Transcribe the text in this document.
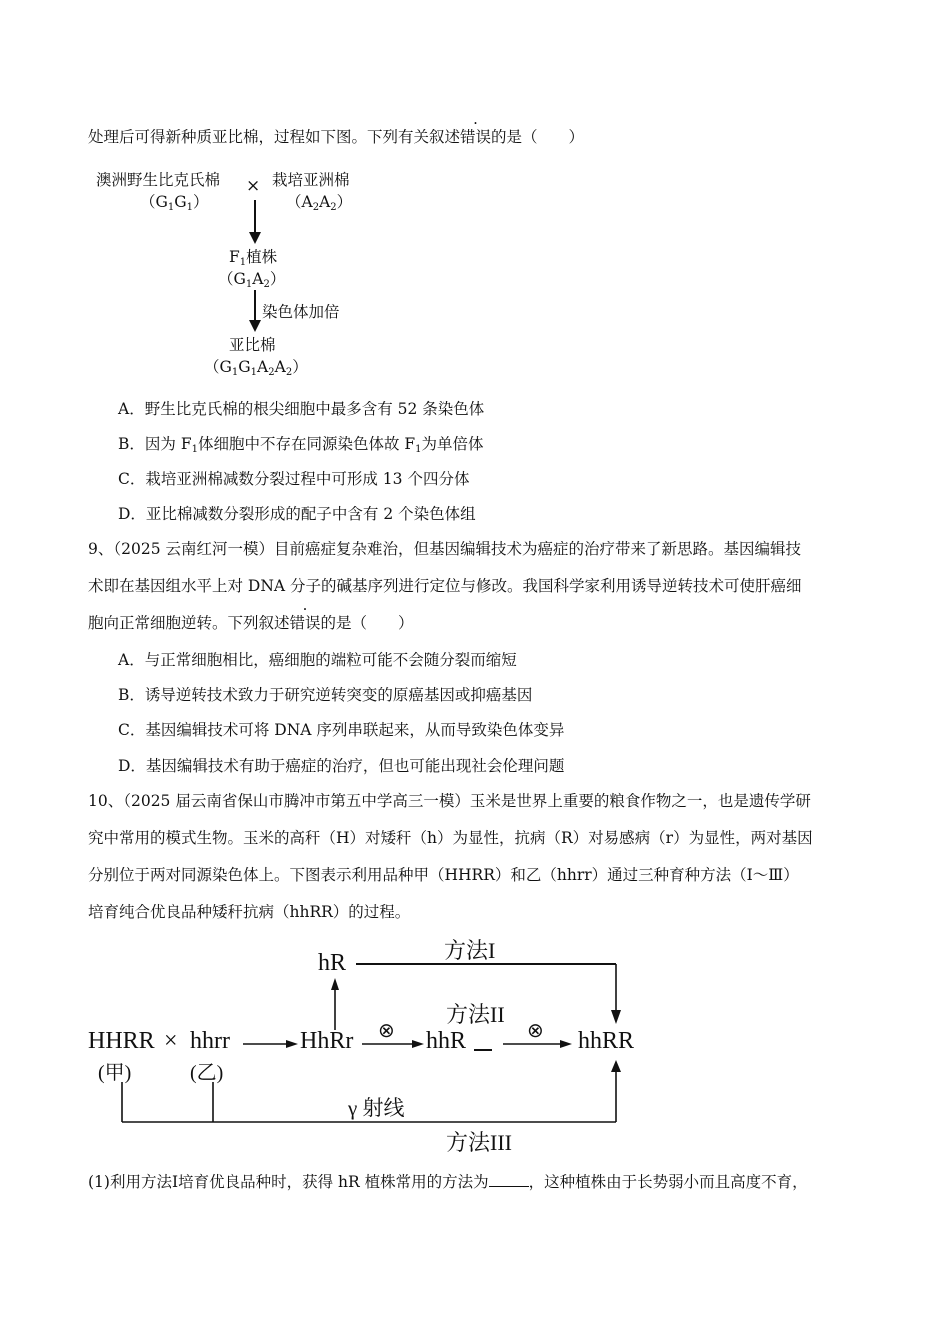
处理后可得新种质亚比棉，过程如下图。下列有关叙述错误的是（　　）
澳洲野生比克氏棉
$(G_1G_1)$
× 栽培亚洲棉
$(A_2A_2)$
$F_1$植株
$(G_1A_2)$
染色体加倍
亚比棉
$(G_1G_1A_2A_2)$
A．野生比克氏棉的根尖细胞中最多含有 52 条染色体
B．因为 $F_1$体细胞中不存在同源染色体故 $F_1$为单倍体
C．栽培亚洲棉减数分裂过程中可形成 13 个四分体
D．亚比棉减数分裂形成的配子中含有 2 个染色体组
9、（2025 云南红河一模）目前癌症复杂难治，但基因编辑技术为癌症的治疗带来了新思路。基因编辑技
术即在基因组水平上对 DNA 分子的碱基序列进行定位与修改。我国科学家利用诱导逆转技术可使肝癌细
胞向正常细胞逆转。下列叙述错误的是（　　）
A．与正常细胞相比，癌细胞的端粒可能不会随分裂而缩短
B．诱导逆转技术致力于研究逆转突变的原癌基因或抑癌基因
C．基因编辑技术可将 DNA 序列串联起来，从而导致染色体变异
D．基因编辑技术有助于癌症的治疗，但也可能出现社会伦理问题
10、（2025 届云南省保山市腾冲市第五中学高三一模）玉米是世界上重要的粮食作物之一，也是遗传学研
究中常用的模式生物。玉米的高秆（H）对矮秆（h）为显性，抗病（R）对易感病（r）为显性，两对基因
分别位于两对同源染色体上。下图表示利用品种甲（HHRR）和乙（hhrr）通过三种育种方法（Ⅰ～Ⅲ）
培育纯合优良品种矮秆抗病（hhRR）的过程。
方法I
hR
方法II
HHRR × hhrr	HhRr ⊗ hhR	⊗ hhRR
(甲)	(乙)
γ 射线
方法III
(1)利用方法Ⅰ培育优良品种时，获得 hR 植株常用的方法为	，这种植株由于长势弱小而且高度不育，
